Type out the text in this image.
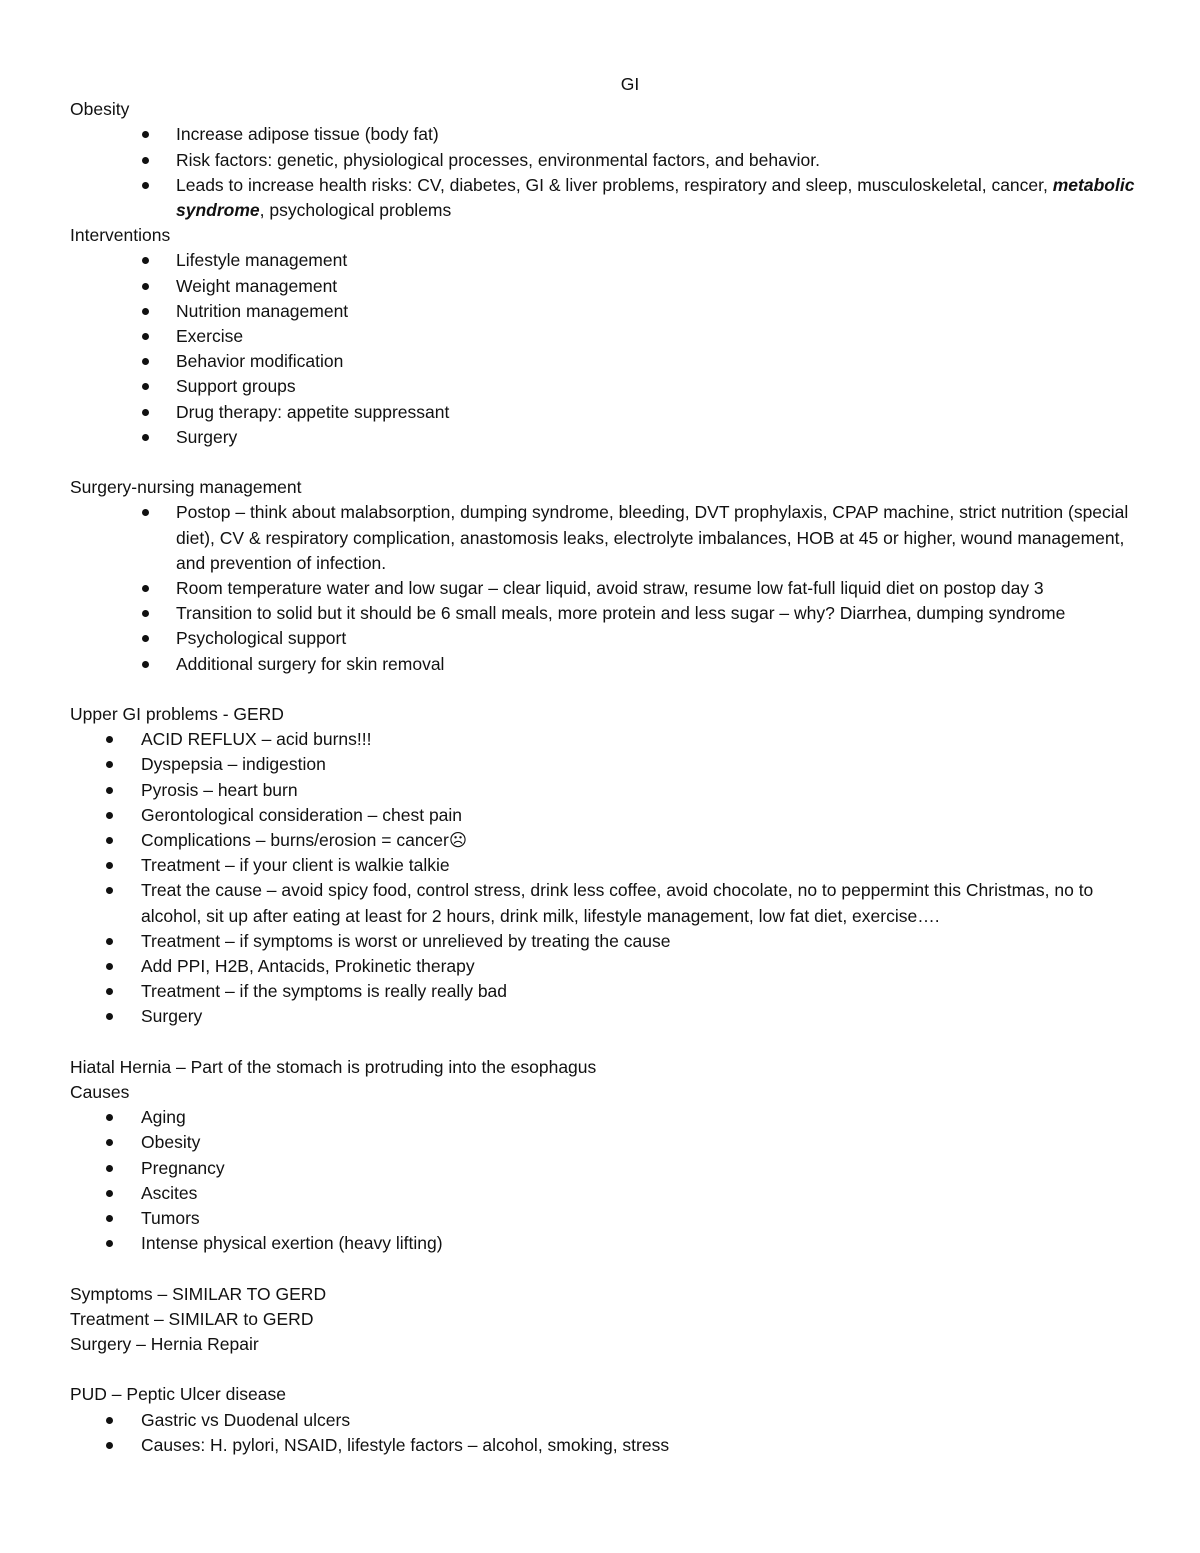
GI
Obesity
Increase adipose tissue (body fat)
Risk factors: genetic, physiological processes, environmental factors, and behavior.
Leads to increase health risks: CV, diabetes, GI & liver problems, respiratory and sleep, musculoskeletal, cancer, metabolic syndrome, psychological problems
Interventions
Lifestyle management
Weight management
Nutrition management
Exercise
Behavior modification
Support groups
Drug therapy: appetite suppressant
Surgery
Surgery-nursing management
Postop – think about malabsorption, dumping syndrome, bleeding, DVT prophylaxis, CPAP machine, strict nutrition (special diet), CV & respiratory complication, anastomosis leaks, electrolyte imbalances, HOB at 45 or higher, wound management, and prevention of infection.
Room temperature water and low sugar – clear liquid, avoid straw, resume low fat-full liquid diet on postop day 3
Transition to solid but it should be 6 small meals, more protein and less sugar – why? Diarrhea, dumping syndrome
Psychological support
Additional surgery for skin removal
Upper GI problems - GERD
ACID REFLUX – acid burns!!!
Dyspepsia – indigestion
Pyrosis – heart burn
Gerontological consideration – chest pain
Complications – burns/erosion = cancer☹
Treatment – if your client is walkie talkie
Treat the cause – avoid spicy food, control stress, drink less coffee, avoid chocolate, no to peppermint this Christmas, no to alcohol, sit up after eating at least for 2 hours, drink milk, lifestyle management, low fat diet, exercise….
Treatment – if symptoms is worst or unrelieved by treating the cause
Add PPI, H2B, Antacids, Prokinetic therapy
Treatment – if the symptoms is really really bad
Surgery
Hiatal Hernia – Part of the stomach is protruding into the esophagus
Causes
Aging
Obesity
Pregnancy
Ascites
Tumors
Intense physical exertion (heavy lifting)
Symptoms – SIMILAR TO GERD
Treatment – SIMILAR to GERD
Surgery – Hernia Repair
PUD – Peptic Ulcer disease
Gastric vs Duodenal ulcers
Causes: H. pylori, NSAID, lifestyle factors – alcohol, smoking, stress
